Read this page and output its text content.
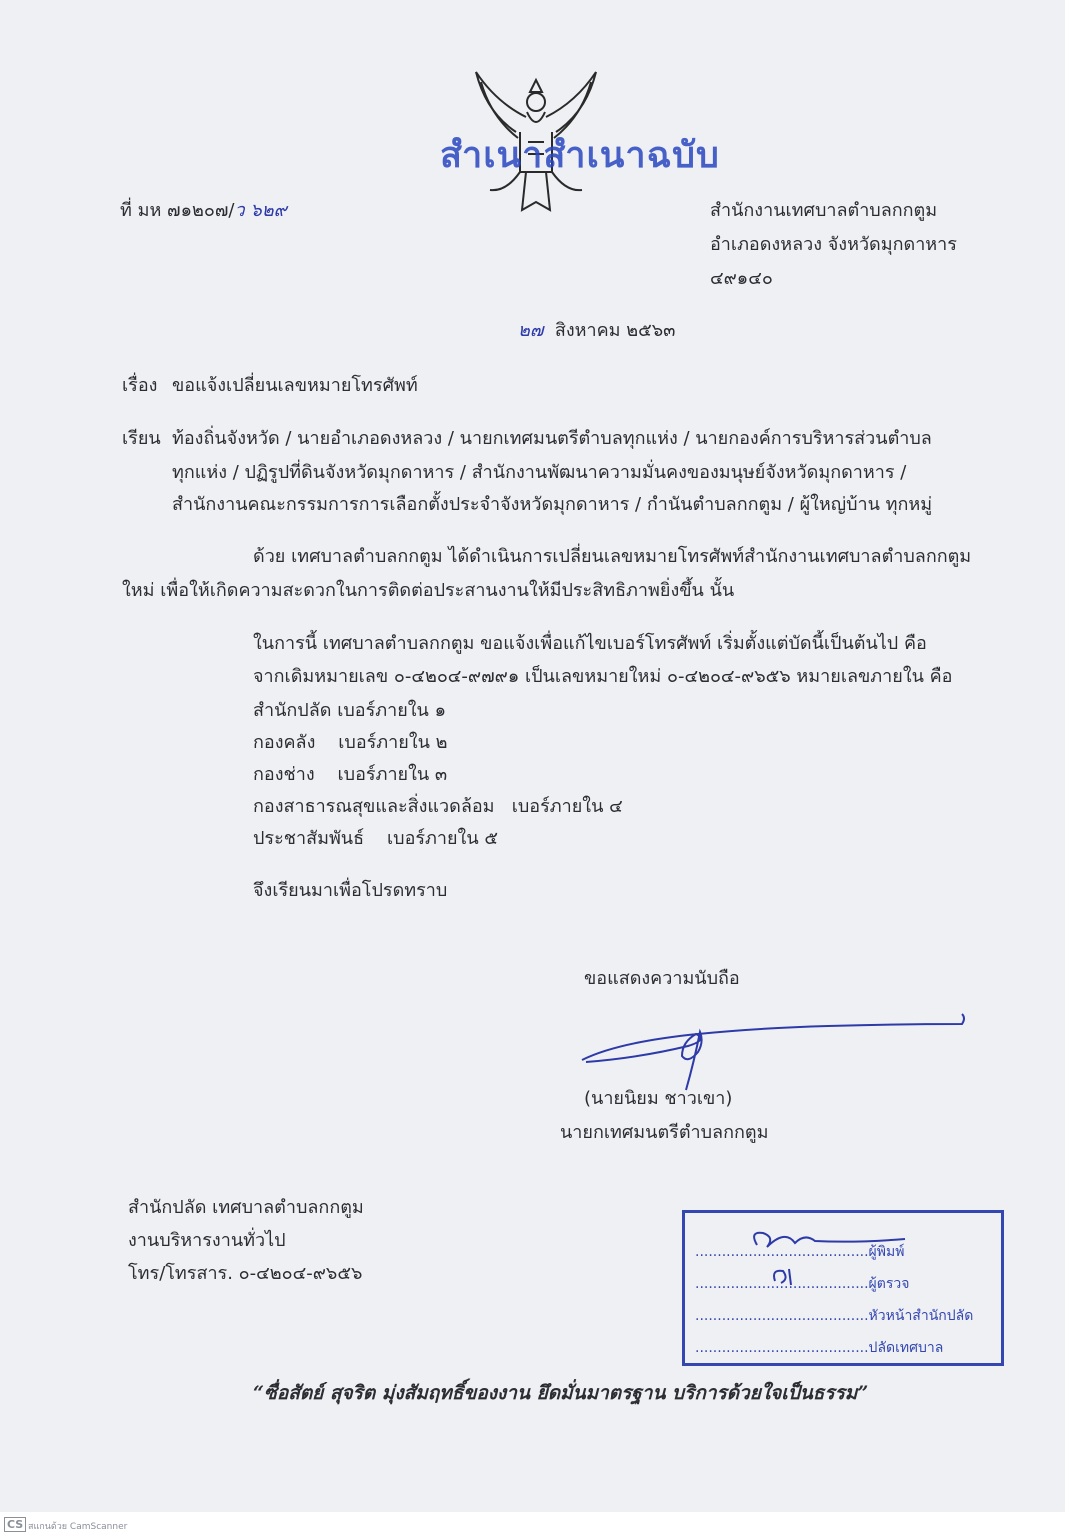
สำเนาสำเนาฉบับ
ที่ มห ๗๑๒๐๗/ว ๖๒๙	สำนักงานเทศบาลตำบลกกตูม
อำเภอดงหลวง จังหวัดมุกดาหาร
๔๙๑๔๐
๒๗ สิงหาคม ๒๕๖๓
เรื่อง ขอแจ้งเปลี่ยนเลขหมายโทรศัพท์
เรียน ท้องถิ่นจังหวัด / นายอำเภอดงหลวง / นายกเทศมนตรีตำบลทุกแห่ง / นายกองค์การบริหารส่วนตำบล
ทุกแห่ง / ปฏิรูปที่ดินจังหวัดมุกดาหาร / สำนักงานพัฒนาความมั่นคงของมนุษย์จังหวัดมุกดาหาร /
สำนักงานคณะกรรมการการเลือกตั้งประจำจังหวัดมุกดาหาร / กำนันตำบลกกตูม / ผู้ใหญ่บ้าน ทุกหมู่
ด้วย เทศบาลตำบลกกตูม ได้ดำเนินการเปลี่ยนเลขหมายโทรศัพท์สำนักงานเทศบาลตำบลกกตูม
ใหม่ เพื่อให้เกิดความสะดวกในการติดต่อประสานงานให้มีประสิทธิภาพยิ่งขึ้น นั้น
ในการนี้ เทศบาลตำบลกกตูม ขอแจ้งเพื่อแก้ไขเบอร์โทรศัพท์ เริ่มตั้งแต่บัดนี้เป็นต้นไป คือ
จากเดิมหมายเลข ๐-๔๒๐๔-๙๗๙๑ เป็นเลขหมายใหม่ ๐-๔๒๐๔-๙๖๕๖ หมายเลขภายใน คือ
สำนักปลัด เบอร์ภายใน ๑
กองคลัง เบอร์ภายใน ๒
กองช่าง เบอร์ภายใน ๓
กองสาธารณสุขและสิ่งแวดล้อม เบอร์ภายใน ๔
ประชาสัมพันธ์ เบอร์ภายใน ๕
จึงเรียนมาเพื่อโปรดทราบ
ขอแสดงความนับถือ
(นายนิยม ชาวเขา)
นายกเทศมนตรีตำบลกกตูม
สำนักปลัด เทศบาลตำบลกกตูม
งานบริหารงานทั่วไป
โทร/โทรสาร. ๐-๔๒๐๔-๙๖๕๖
.......................................ผู้พิมพ์
.......................................ผู้ตรวจ
.......................................หัวหน้าสำนักปลัด
.......................................ปลัดเทศบาล
“ซื่อสัตย์ สุจริต มุ่งสัมฤทธิ์ของงาน ยึดมั่นมาตรฐาน บริการด้วยใจเป็นธรรม”
CS สแกนด้วย CamScanner
